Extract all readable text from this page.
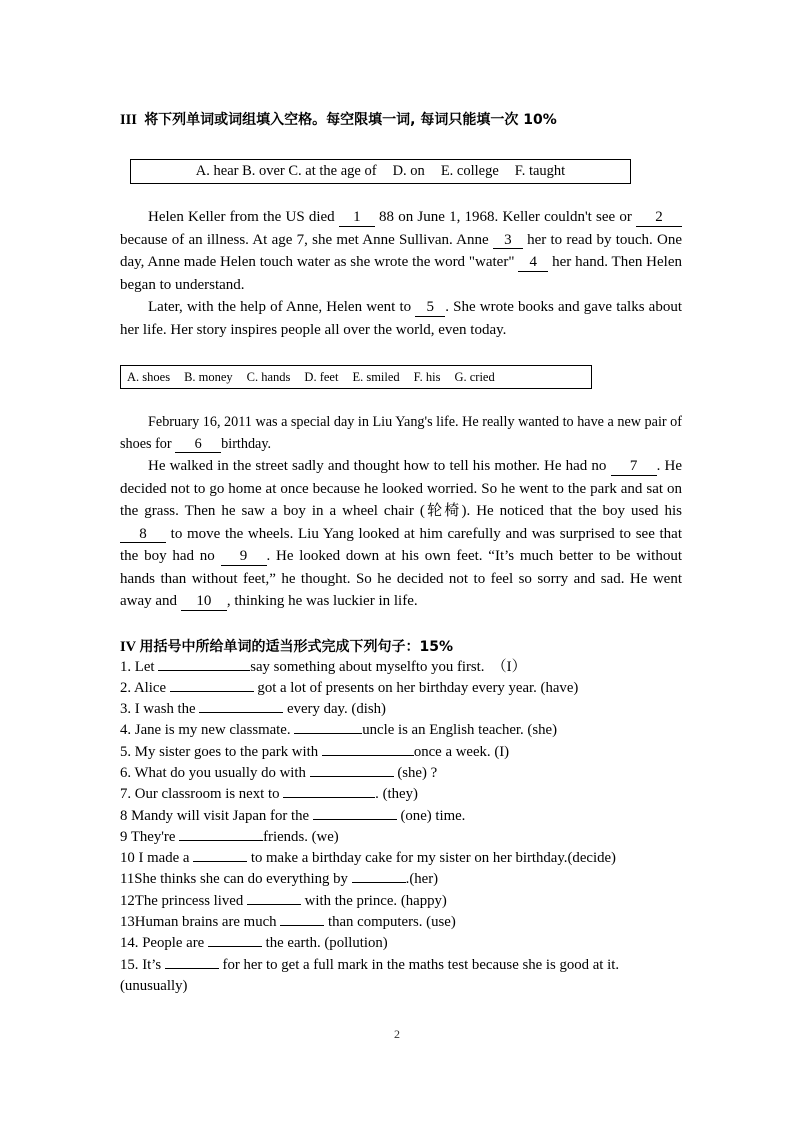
III 将下列单词或词组填入空格。每空限填一词, 每词只能填一次 10%

A. hear B. over C. at the age of D. on E. college F. taught

Helen Keller from the US died 1 88 on June 1, 1968. Keller couldn't see or 2 because of an illness. At age 7, she met Anne Sullivan. Anne 3 her to read by touch. One day, Anne made Helen touch water as she wrote the word "water" 4 her hand. Then Helen began to understand.

Later, with the help of Anne, Helen went to 5 . She wrote books and gave talks about her life. Her story inspires people all over the world, even today.

A. shoes B. money C. hands D. feet E. smiled F. his G. cried

February 16, 2011 was a special day in Liu Yang's life. He really wanted to have a new pair of shoes for 6 birthday.

He walked in the street sadly and thought how to tell his mother. He had no 7 . He decided not to go home at once because he looked worried. So he went to the park and sat on the grass. Then he saw a boy in a wheel chair (轮椅). He noticed that the boy used his 8 to move the wheels. Liu Yang looked at him carefully and was surprised to see that the boy had no 9 . He looked down at his own feet. “It’s much better to be without hands than without feet,” he thought. So he decided not to feel so sorry and sad. He went away and 10 , thinking he was luckier in life.

IV 用括号中所给单词的适当形式完成下列句子：15%

1. Let	say something about myselfto you first.　（I）
2. Alice	got a lot of presents on her birthday every year. (have)
3. I wash the	every day. (dish)
4. Jane is my new classmate.	uncle is an English teacher. (she)
5. My sister goes to the park with	once a week. (I)
6. What do you usually do with	(she) ?
7. Our classroom is next to	. (they)
8 Mandy will visit Japan for the	(one) time.
9 They're	friends. (we)
10 I made a	to make a birthday cake for my sister on her birthday.(decide)
11She thinks she can do everything by	.(her)
12The princess lived	with the prince. (happy)
13Human brains are much	than computers. (use)
14. People are	the earth. (pollution)
15. It’s	for her to get a full mark in the maths test because she is good at it.(unusually)
2
